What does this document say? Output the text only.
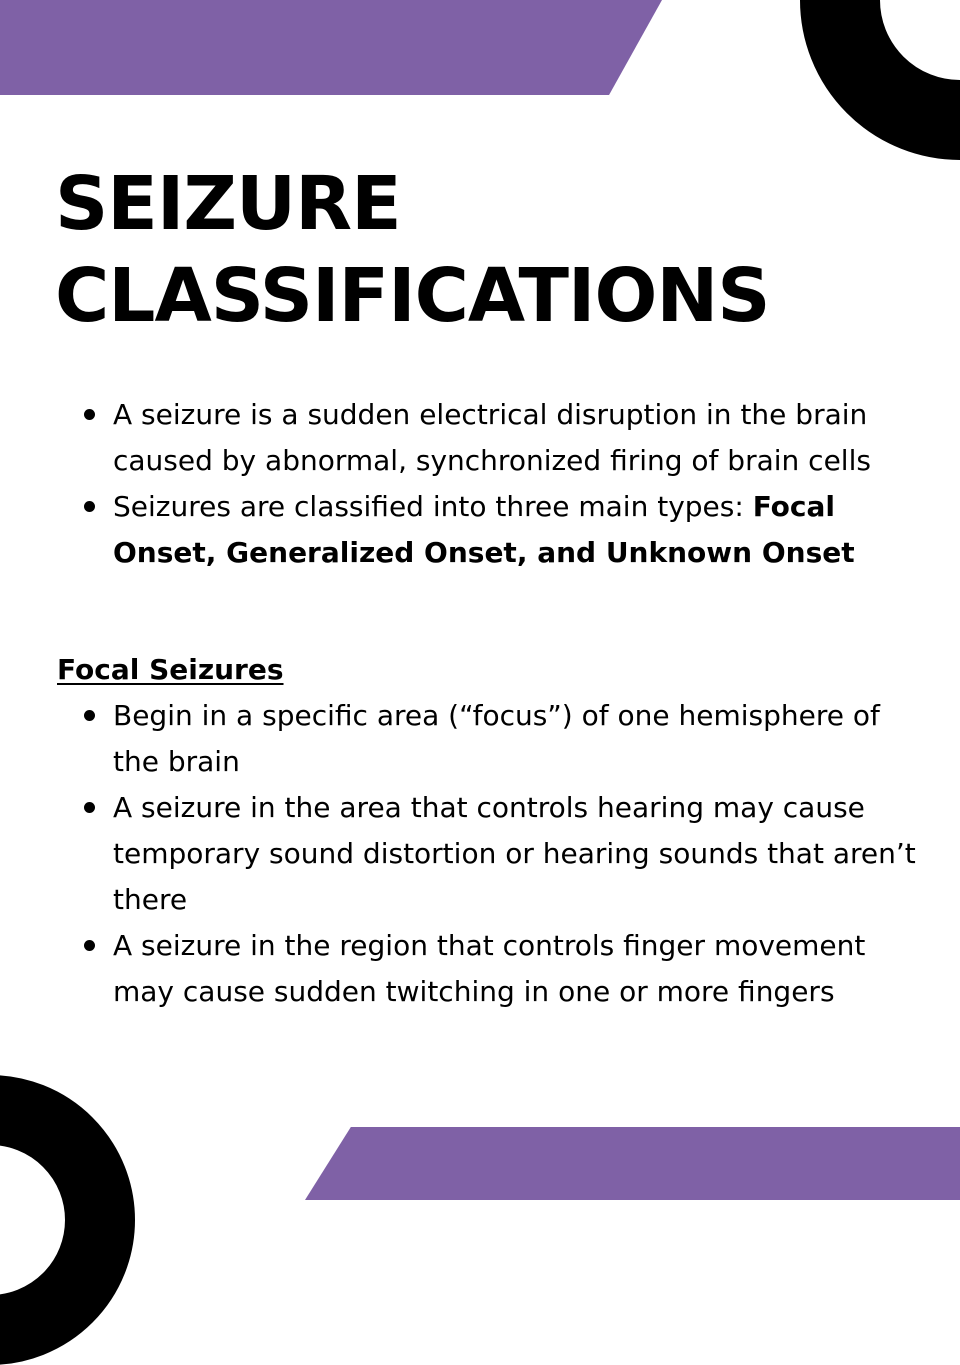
SEIZURE
CLASSIFICATIONS
A seizure is a sudden electrical disruption in the brain caused by abnormal, synchronized firing of brain cells
Seizures are classified into three main types: Focal Onset, Generalized Onset, and Unknown Onset
Focal Seizures
Begin in a specific area (“focus”) of one hemisphere of the brain
A seizure in the area that controls hearing may cause temporary sound distortion or hearing sounds that aren’t there
A seizure in the region that controls finger movement may cause sudden twitching in one or more fingers
